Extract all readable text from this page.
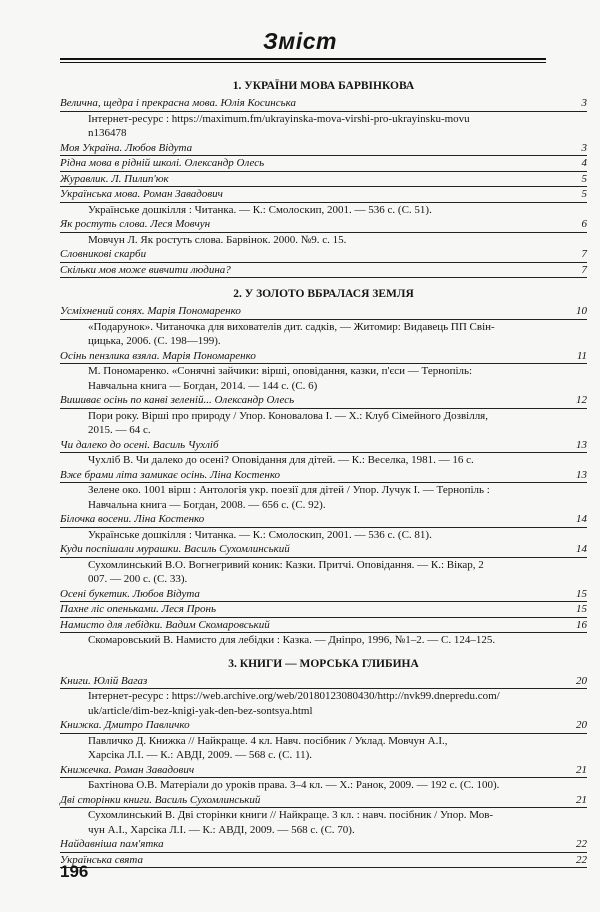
Зміст
1. УКРАЇНИ МОВА БАРВІНКОВА
Велична, щедра і прекрасна мова. Юлія Косинська	3
Інтернет-ресурс : https://maximum.fm/ukrayinska-mova-virshi-pro-ukrayinsku-movu
n136478
Моя Україна. Любов Відута	3
Рідна мова в рідній школі. Олександр Олесь	4
Журавлик. Л. Пилип'юк	5
Українська мова. Роман Завадович	5
Українське дошкілля : Читанка. — К.: Смолоскип, 2001. — 536 с. (С. 51).
Як ростуть слова. Леся Мовчун	6
Мовчун Л. Як ростуть слова. Барвінок. 2000. №9. с. 15.
Словникові скарби	7
Скільки мов може вивчити людина?	7
2. У ЗОЛОТО ВБРАЛАСЯ ЗЕМЛЯ
Усміхнений сонях. Марія Пономаренко	10
«Подарунок». Читаночка для вихователів дит. садків, — Житомир: Видавець ПП Свін-
цицька, 2006. (С. 198—199).
Осінь пензлика взяла. Марія Пономаренко	11
М. Пономаренко. «Сонячні зайчики: вірші, оповідання, казки, п'єси — Тернопіль:
Навчальна книга — Богдан, 2014. — 144 с. (С. 6)
Вишиває осінь по канві зеленій... Олександр Олесь	12
Пори року. Вірші про природу / Упор. Коновалова І. — Х.: Клуб Сімейного Дозвілля,
2015. — 64 с.
Чи далеко до осені. Василь Чухліб	13
Чухліб В. Чи далеко до осені? Оповідання для дітей. — К.: Веселка, 1981. — 16 с.
Вже брами літа замикає осінь. Ліна Костенко	13
Зелене око. 1001 вірш : Антологія укр. поезії для дітей / Упор. Лучук І. — Тернопіль :
Навчальна книга — Богдан, 2008. — 656 с. (С. 92).
Білочка восени. Ліна Костенко	14
Українське дошкілля : Читанка. — К.: Смолоскип, 2001. — 536 с. (С. 81).
Куди поспішали мурашки. Василь Сухомлинський	14
Сухомлинський В.О. Вогнегривий коник: Казки. Притчі. Оповідання. — К.: Вікар, 2
007. — 200 с. (С. 33).
Осені букетик. Любов Відута	15
Пахне ліс опеньками. Леся Пронь	15
Намисто для лебідки. Вадим Скомаровський	16
Скомаровський В. Намисто для лебідки : Казка. — Дніпро, 1996, №1–2. — С. 124–125.
3. КНИГИ — МОРСЬКА ГЛИБИНА
Книги. Юлій Вагаз	20
Інтернет-ресурс : https://web.archive.org/web/20180123080430/http://nvk99.dnepredu.com/
uk/article/dim-bez-knigi-yak-den-bez-sontsya.html
Книжка. Дмитро Павличко	20
Павличко Д. Книжка // Найкраще. 4 кл. Навч. посібник / Уклад. Мовчун А.І.,
Харсіка Л.І. — К.: АВДІ, 2009. — 568 с. (С. 11).
Книжечка. Роман Завадович	21
Бахтінова О.В. Матеріали до уроків права. 3–4 кл. — Х.: Ранок, 2009. — 192 с. (С. 100).
Дві сторінки книги. Василь Сухомлинський	21
Сухомлинський В. Дві сторінки книги // Найкраще. 3 кл. : навч. посібник / Упор. Мов-
чун А.І., Харсіка Л.І. — К.: АВДІ, 2009. — 568 с. (С. 70).
Найдавніша пам'ятка	22
Українська свята	22
196
